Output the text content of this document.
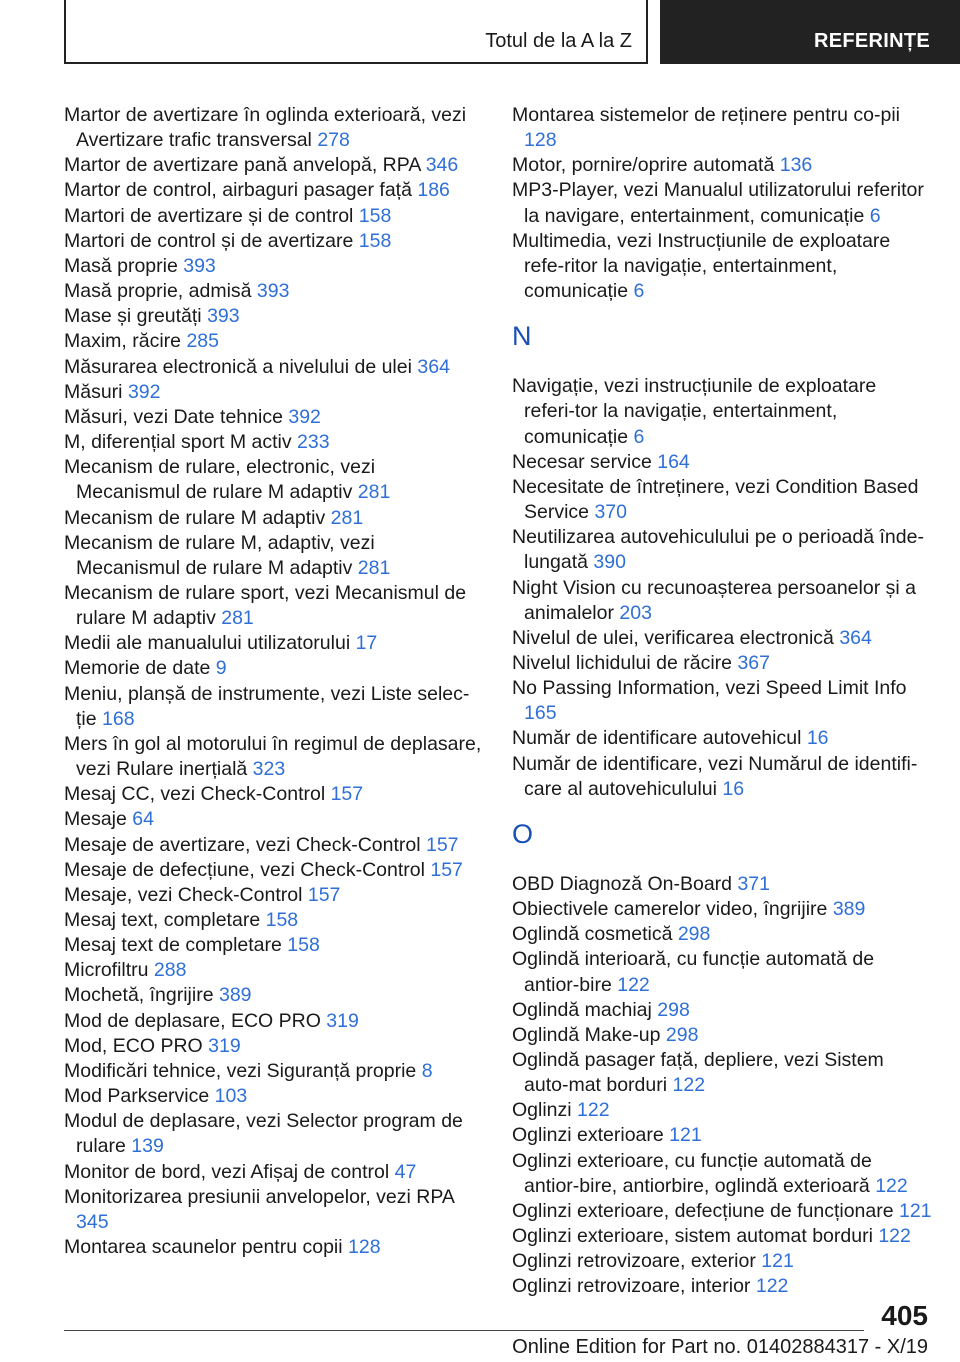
Totul de la A la Z	REFERINȚE
Martor de avertizare în oglinda exterioară, vezi Avertizare trafic transversal 278
Martor de avertizare pană anvelopă, RPA 346
Martor de control, airbaguri pasager față 186
Martori de avertizare și de control 158
Martori de control și de avertizare 158
Masă proprie 393
Masă proprie, admisă 393
Mase și greutăți 393
Maxim, răcire 285
Măsurarea electronică a nivelului de ulei 364
Măsuri 392
Măsuri, vezi Date tehnice 392
M, diferențial sport M activ 233
Mecanism de rulare, electronic, vezi Mecanismul de rulare M adaptiv 281
Mecanism de rulare M adaptiv 281
Mecanism de rulare M, adaptiv, vezi Mecanismul de rulare M adaptiv 281
Mecanism de rulare sport, vezi Mecanismul de rulare M adaptiv 281
Medii ale manualului utilizatorului 17
Memorie de date 9
Meniu, planșă de instrumente, vezi Liste selec‐ție 168
Mers în gol al motorului în regimul de deplasare, vezi Rulare inerțială 323
Mesaj CC, vezi Check-Control 157
Mesaje 64
Mesaje de avertizare, vezi Check-Control 157
Mesaje de defecțiune, vezi Check-Control 157
Mesaje, vezi Check-Control 157
Mesaj text, completare 158
Mesaj text de completare 158
Microfiltru 288
Mochetă, îngrijire 389
Mod de deplasare, ECO PRO 319
Mod, ECO PRO 319
Modificări tehnice, vezi Siguranță proprie 8
Mod Parkservice 103
Modul de deplasare, vezi Selector program de rulare 139
Monitor de bord, vezi Afișaj de control 47
Monitorizarea presiunii anvelopelor, vezi RPA 345
Montarea scaunelor pentru copii 128
Montarea sistemelor de reținere pentru co‐pii 128
Motor, pornire/oprire automată 136
MP3-Player, vezi Manualul utilizatorului referitor la navigare, entertainment, comunicație 6
Multimedia, vezi Instrucțiunile de exploatare refe‐ritor la navigație, entertainment, comunicație 6
N
Navigație, vezi instrucțiunile de exploatare referi‐tor la navigație, entertainment, comunicație 6
Necesar service 164
Necesitate de întreținere, vezi Condition Based Service 370
Neutilizarea autovehiculului pe o perioadă înde‐lungată 390
Night Vision cu recunoașterea persoanelor și a animalelor 203
Nivelul de ulei, verificarea electronică 364
Nivelul lichidului de răcire 367
No Passing Information, vezi Speed Limit Info 165
Număr de identificare autovehicul 16
Număr de identificare, vezi Numărul de identifi‐care al autovehiculului 16
O
OBD Diagnoză On-Board 371
Obiectivele camerelor video, îngrijire 389
Oglindă cosmetică 298
Oglindă interioară, cu funcție automată de antior‐bire 122
Oglindă machiaj 298
Oglindă Make-up 298
Oglindă pasager față, depliere, vezi Sistem auto‐mat borduri 122
Oglinzi 122
Oglinzi exterioare 121
Oglinzi exterioare, cu funcție automată de antior‐bire, antiorbire, oglindă exterioară 122
Oglinzi exterioare, defecțiune de funcționare 121
Oglinzi exterioare, sistem automat borduri 122
Oglinzi retrovizoare, exterior 121
Oglinzi retrovizoare, interior 122
405
Online Edition for Part no. 01402884317 - X/19
